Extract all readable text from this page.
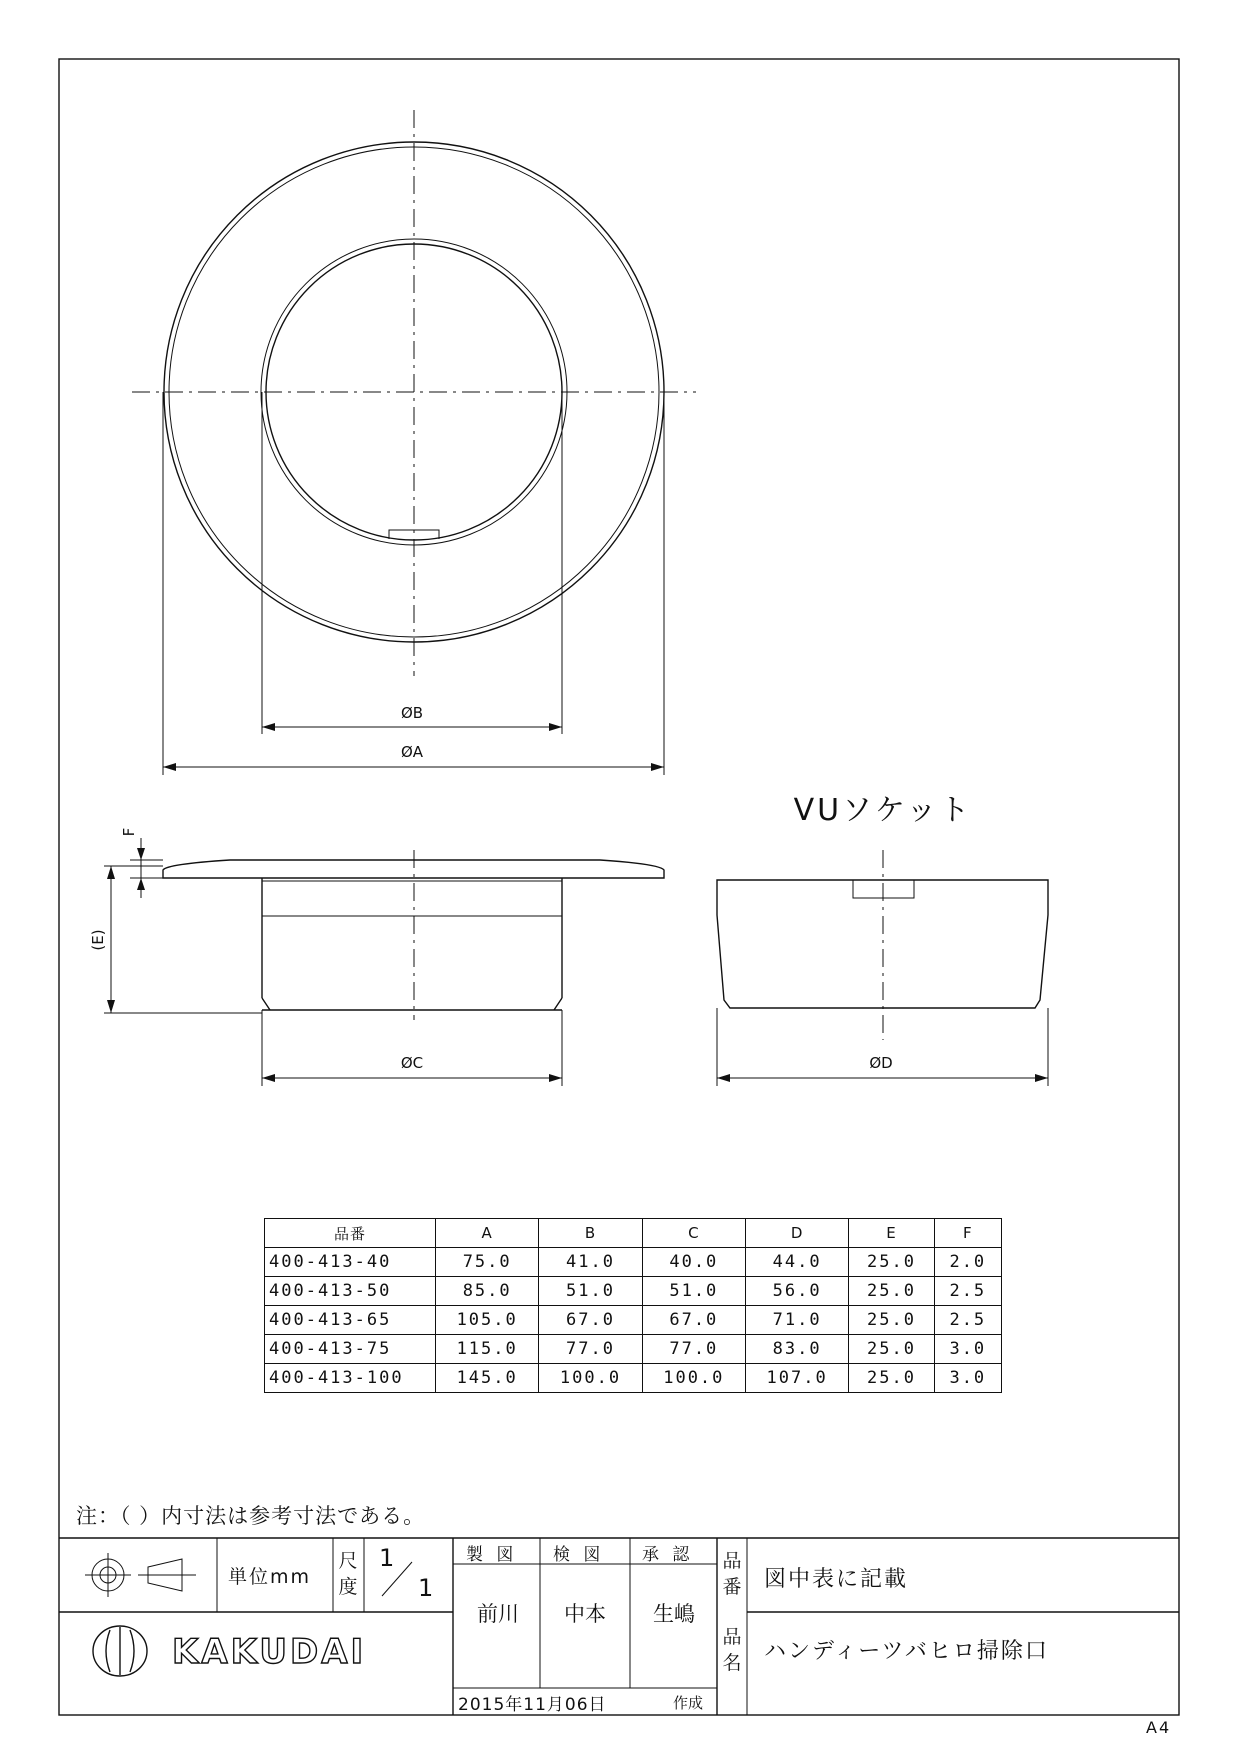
ØB
ØA
ØC	ØD
(E)
F
VUソケット
品番	A	B	C	D	E	F
400-413-40	75.0	41.0	40.0	44.0	25.0	2.0
400-413-50	85.0	51.0	51.0	56.0	25.0	2.5
400-413-65	105.0	67.0	67.0	71.0	25.0	2.5
400-413-75	115.0	77.0	77.0	83.0	25.0	3.0
400-413-100	145.0	100.0	100.0	107.0	25.0	3.0

注：（ ）内寸法は参考寸法である。

単位mm
尺度
1
1
製 図 検 図 承 認
前川 中本 生嶋
品番 図中表に記載
品名 ハンディーツバヒロ掃除口
2015年11月06日	作成
KAKUDAI
A4
